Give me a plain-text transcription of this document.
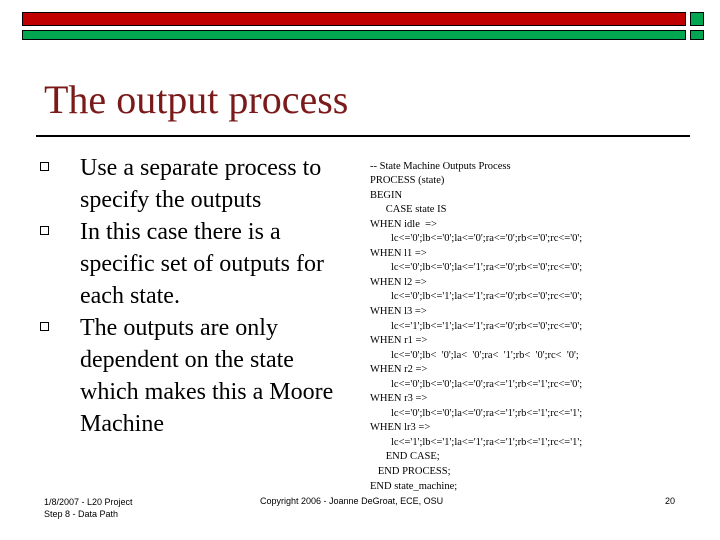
The output process
Use a separate process to specify the outputs
In this case there is a specific set of outputs for each state.
The outputs are only dependent on the state which makes this a Moore Machine

-- State Machine Outputs Process
PROCESS (state)
BEGIN
CASE state IS
WHEN idle  =>
lc<='0';lb<='0';la<='0';ra<='0';rb<='0';rc<='0';
WHEN l1 =>
lc<='0';lb<='0';la<='1';ra<='0';rb<='0';rc<='0';
WHEN l2 =>
lc<='0';lb<='1';la<='1';ra<='0';rb<='0';rc<='0';
WHEN l3 =>
lc<='1';lb<='1';la<='1';ra<='0';rb<='0';rc<='0';
WHEN r1 =>
lc<='0';lb<  '0';la<  '0';ra<  '1';rb<  '0';rc<  '0';
WHEN r2 =>
lc<='0';lb<='0';la<='0';ra<='1';rb<='1';rc<='0';
WHEN r3 =>
lc<='0';lb<='0';la<='0';ra<='1';rb<='1';rc<='1';
WHEN lr3 =>
lc<='1';lb<='1';la<='1';ra<='1';rb<='1';rc<='1';
END CASE;
END PROCESS;
END state_machine;

1/8/2007 - L20 Project
Step 8 - Data Path
Copyright 2006 - Joanne DeGroat, ECE, OSU	20
